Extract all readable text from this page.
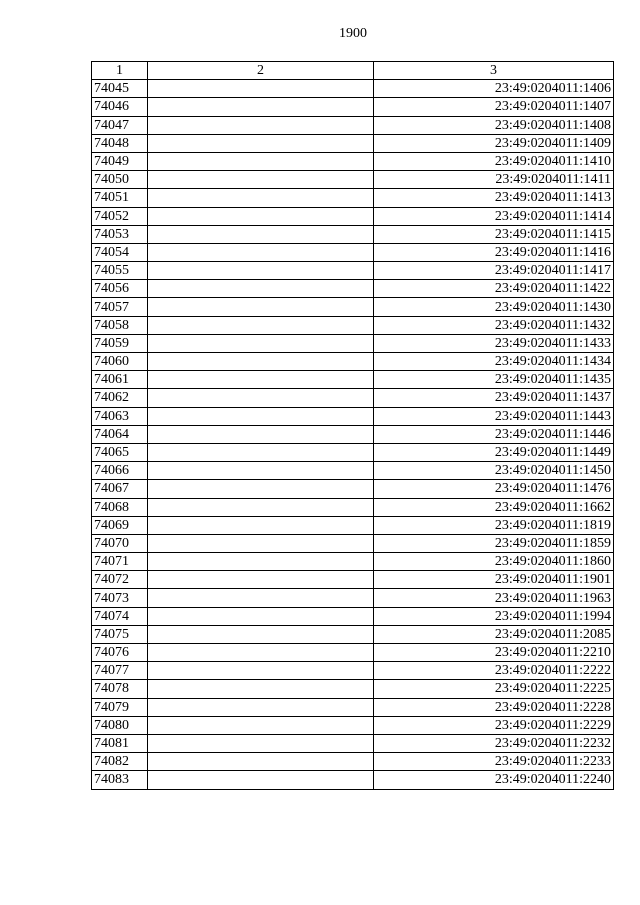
1900
1	2	3
74045		23:49:0204011:1406
74046		23:49:0204011:1407
74047		23:49:0204011:1408
74048		23:49:0204011:1409
74049		23:49:0204011:1410
74050		23:49:0204011:1411
74051		23:49:0204011:1413
74052		23:49:0204011:1414
74053		23:49:0204011:1415
74054		23:49:0204011:1416
74055		23:49:0204011:1417
74056		23:49:0204011:1422
74057		23:49:0204011:1430
74058		23:49:0204011:1432
74059		23:49:0204011:1433
74060		23:49:0204011:1434
74061		23:49:0204011:1435
74062		23:49:0204011:1437
74063		23:49:0204011:1443
74064		23:49:0204011:1446
74065		23:49:0204011:1449
74066		23:49:0204011:1450
74067		23:49:0204011:1476
74068		23:49:0204011:1662
74069		23:49:0204011:1819
74070		23:49:0204011:1859
74071		23:49:0204011:1860
74072		23:49:0204011:1901
74073		23:49:0204011:1963
74074		23:49:0204011:1994
74075		23:49:0204011:2085
74076		23:49:0204011:2210
74077		23:49:0204011:2222
74078		23:49:0204011:2225
74079		23:49:0204011:2228
74080		23:49:0204011:2229
74081		23:49:0204011:2232
74082		23:49:0204011:2233
74083		23:49:0204011:2240
